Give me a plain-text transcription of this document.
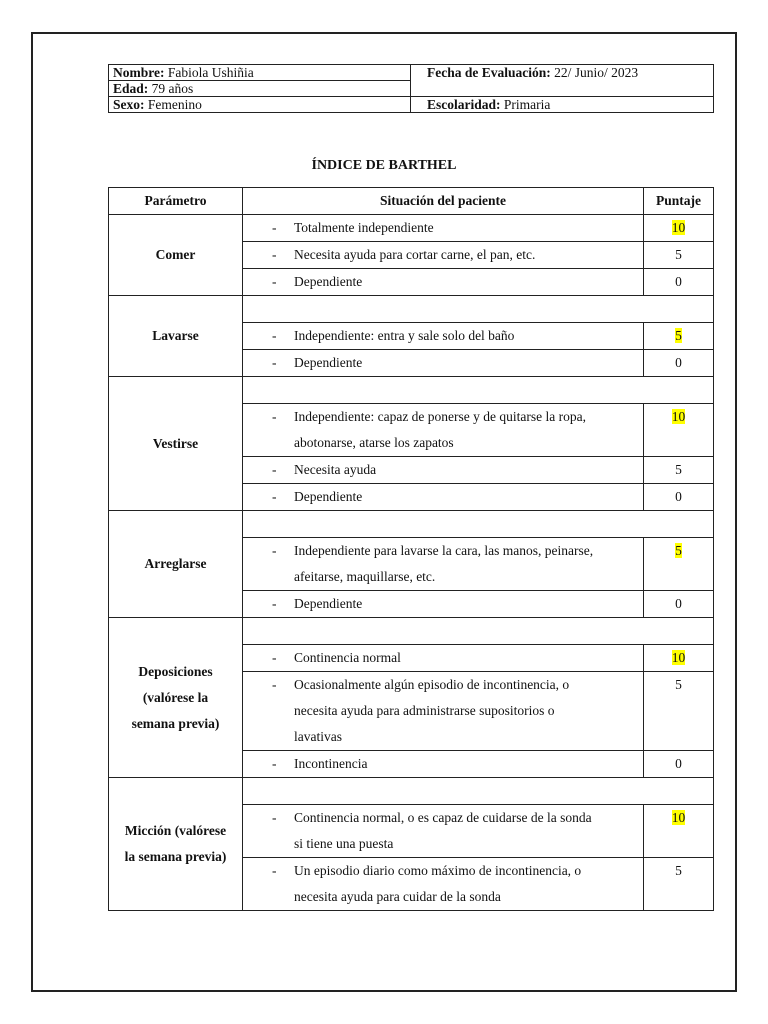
Nombre: Fabiola Ushiñia	Fecha de Evaluación: 22/ Junio/ 2023
Edad: 79 años	
Sexo: Femenino	Escolaridad: Primaria
ÍNDICE DE BARTHEL
Parámetro	Situación del paciente	Puntaje

Comer	- Totalmente independiente	10

	- Necesita ayuda para cortar carne, el pan, etc.	5

	- Dependiente	0

Lavarse		

	- Independiente: entra y sale solo del baño	5

	- Dependiente	0

Vestirse		

	- Independiente: capaz de ponerse y de quitarse la ropa,
abotonarse, atarse los zapatos	10

	- Necesita ayuda	5

	- Dependiente	0

Arreglarse		

	- Independiente para lavarse la cara, las manos, peinarse,
afeitarse, maquillarse, etc.	5

	- Dependiente	0

Deposiciones
(valórese la
semana previa)		

	- Continencia normal	10

	- Ocasionalmente algún episodio de incontinencia, o
necesita ayuda para administrarse supositorios o
lavativas	5

	- Incontinencia	0

Micción (valórese
la semana previa)		

	- Continencia normal, o es capaz de cuidarse de la sonda
si tiene una puesta	10

	- Un episodio diario como máximo de incontinencia, o
necesita ayuda para cuidar de la sonda	5
